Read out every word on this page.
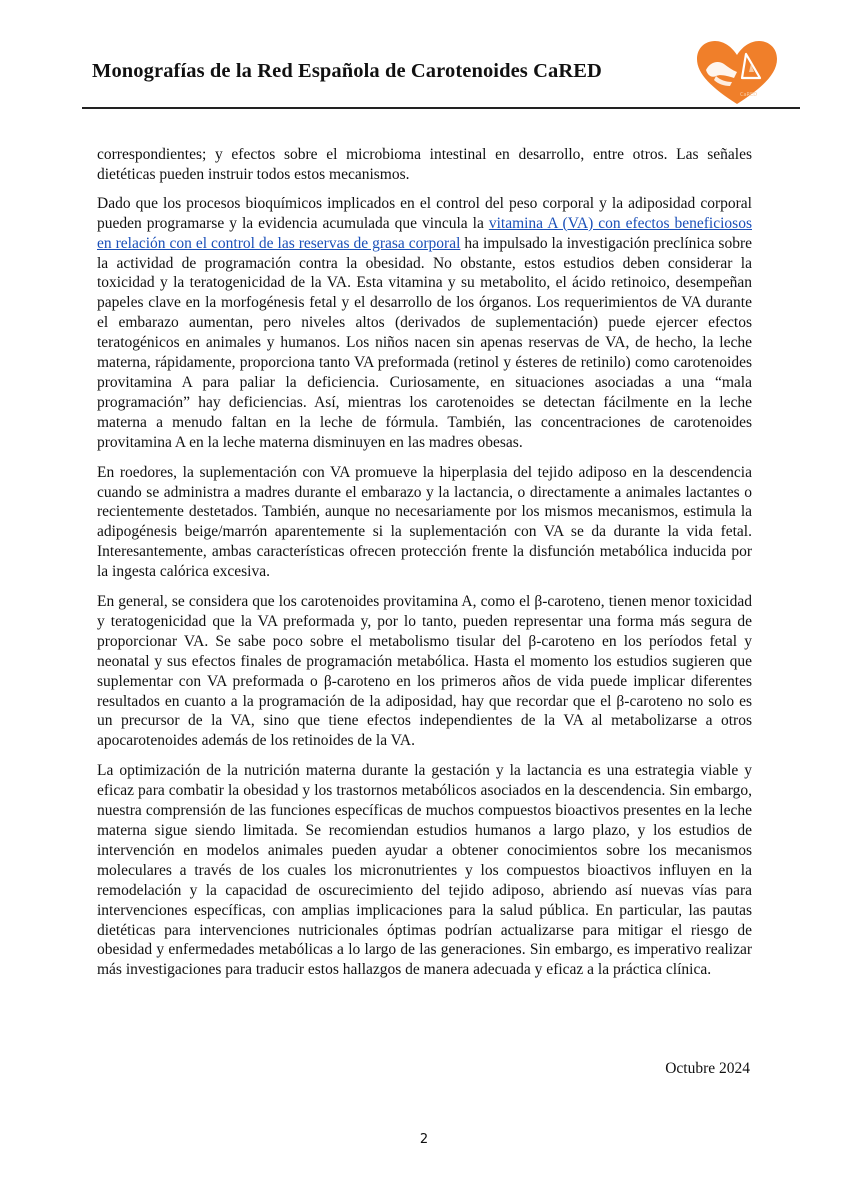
Monografías de la Red Española de Carotenoides CaRED
CaRED

correspondientes; y efectos sobre el microbioma intestinal en desarrollo, entre otros. Las señales dietéticas pueden instruir todos estos mecanismos.

Dado que los procesos bioquímicos implicados en el control del peso corporal y la adiposidad corporal pueden programarse y la evidencia acumulada que vincula la vitamina A (VA) con efectos beneficiosos en relación con el control de las reservas de grasa corporal ha impulsado la investigación preclínica sobre la actividad de programación contra la obesidad. No obstante, estos estudios deben considerar la toxicidad y la teratogenicidad de la VA. Esta vitamina y su metabolito, el ácido retinoico, desempeñan papeles clave en la morfogénesis fetal y el desarrollo de los órganos. Los requerimientos de VA durante el embarazo aumentan, pero niveles altos (derivados de suplementación) puede ejercer efectos teratogénicos en animales y humanos. Los niños nacen sin apenas reservas de VA, de hecho, la leche materna, rápidamente, proporciona tanto VA preformada (retinol y ésteres de retinilo) como carotenoides provitamina A para paliar la deficiencia. Curiosamente, en situaciones asociadas a una “mala programación” hay deficiencias. Así, mientras los carotenoides se detectan fácilmente en la leche materna a menudo faltan en la leche de fórmula. También, las concentraciones de carotenoides provitamina A en la leche materna disminuyen en las madres obesas.

En roedores, la suplementación con VA promueve la hiperplasia del tejido adiposo en la descendencia cuando se administra a madres durante el embarazo y la lactancia, o directamente a animales lactantes o recientemente destetados. También, aunque no necesariamente por los mismos mecanismos, estimula la adipogénesis beige/marrón aparentemente si la suplementación con VA se da durante la vida fetal. Interesantemente, ambas características ofrecen protección frente la disfunción metabólica inducida por la ingesta calórica excesiva.

En general, se considera que los carotenoides provitamina A, como el β-caroteno, tienen menor toxicidad y teratogenicidad que la VA preformada y, por lo tanto, pueden representar una forma más segura de proporcionar VA. Se sabe poco sobre el metabolismo tisular del β-caroteno en los períodos fetal y neonatal y sus efectos finales de programación metabólica. Hasta el momento los estudios sugieren que suplementar con VA preformada o β-caroteno en los primeros años de vida puede implicar diferentes resultados en cuanto a la programación de la adiposidad, hay que recordar que el β-caroteno no solo es un precursor de la VA, sino que tiene efectos independientes de la VA al metabolizarse a otros apocarotenoides además de los retinoides de la VA.

La optimización de la nutrición materna durante la gestación y la lactancia es una estrategia viable y eficaz para combatir la obesidad y los trastornos metabólicos asociados en la descendencia. Sin embargo, nuestra comprensión de las funciones específicas de muchos compuestos bioactivos presentes en la leche materna sigue siendo limitada. Se recomiendan estudios humanos a largo plazo, y los estudios de intervención en modelos animales pueden ayudar a obtener conocimientos sobre los mecanismos moleculares a través de los cuales los micronutrientes y los compuestos bioactivos influyen en la remodelación y la capacidad de oscurecimiento del tejido adiposo, abriendo así nuevas vías para intervenciones específicas, con amplias implicaciones para la salud pública. En particular, las pautas dietéticas para intervenciones nutricionales óptimas podrían actualizarse para mitigar el riesgo de obesidad y enfermedades metabólicas a lo largo de las generaciones. Sin embargo, es imperativo realizar más investigaciones para traducir estos hallazgos de manera adecuada y eficaz a la práctica clínica.

Octubre 2024
2
